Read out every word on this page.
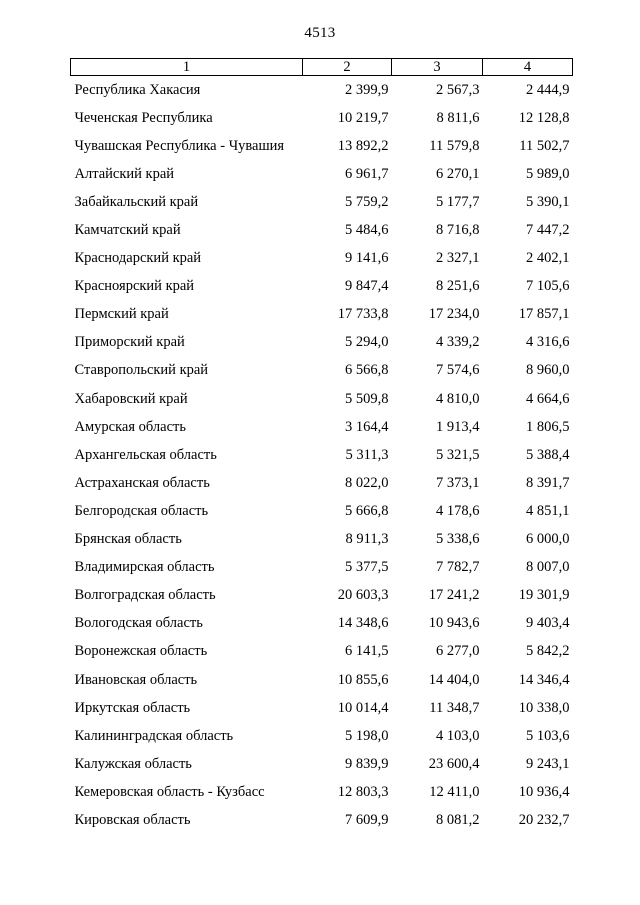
4513
1	2	3	4
Республика Хакасия	2 399,9	2 567,3	2 444,9
Чеченская Республика	10 219,7	8 811,6	12 128,8
Чувашская Республика - Чувашия	13 892,2	11 579,8	11 502,7
Алтайский край	6 961,7	6 270,1	5 989,0
Забайкальский край	5 759,2	5 177,7	5 390,1
Камчатский край	5 484,6	8 716,8	7 447,2
Краснодарский край	9 141,6	2 327,1	2 402,1
Красноярский край	9 847,4	8 251,6	7 105,6
Пермский край	17 733,8	17 234,0	17 857,1
Приморский край	5 294,0	4 339,2	4 316,6
Ставропольский край	6 566,8	7 574,6	8 960,0
Хабаровский край	5 509,8	4 810,0	4 664,6
Амурская область	3 164,4	1 913,4	1 806,5
Архангельская область	5 311,3	5 321,5	5 388,4
Астраханская область	8 022,0	7 373,1	8 391,7
Белгородская область	5 666,8	4 178,6	4 851,1
Брянская область	8 911,3	5 338,6	6 000,0
Владимирская область	5 377,5	7 782,7	8 007,0
Волгоградская область	20 603,3	17 241,2	19 301,9
Вологодская область	14 348,6	10 943,6	9 403,4
Воронежская область	6 141,5	6 277,0	5 842,2
Ивановская область	10 855,6	14 404,0	14 346,4
Иркутская область	10 014,4	11 348,7	10 338,0
Калининградская область	5 198,0	4 103,0	5 103,6
Калужская область	9 839,9	23 600,4	9 243,1
Кемеровская область - Кузбасс	12 803,3	12 411,0	10 936,4
Кировская область	7 609,9	8 081,2	20 232,7
